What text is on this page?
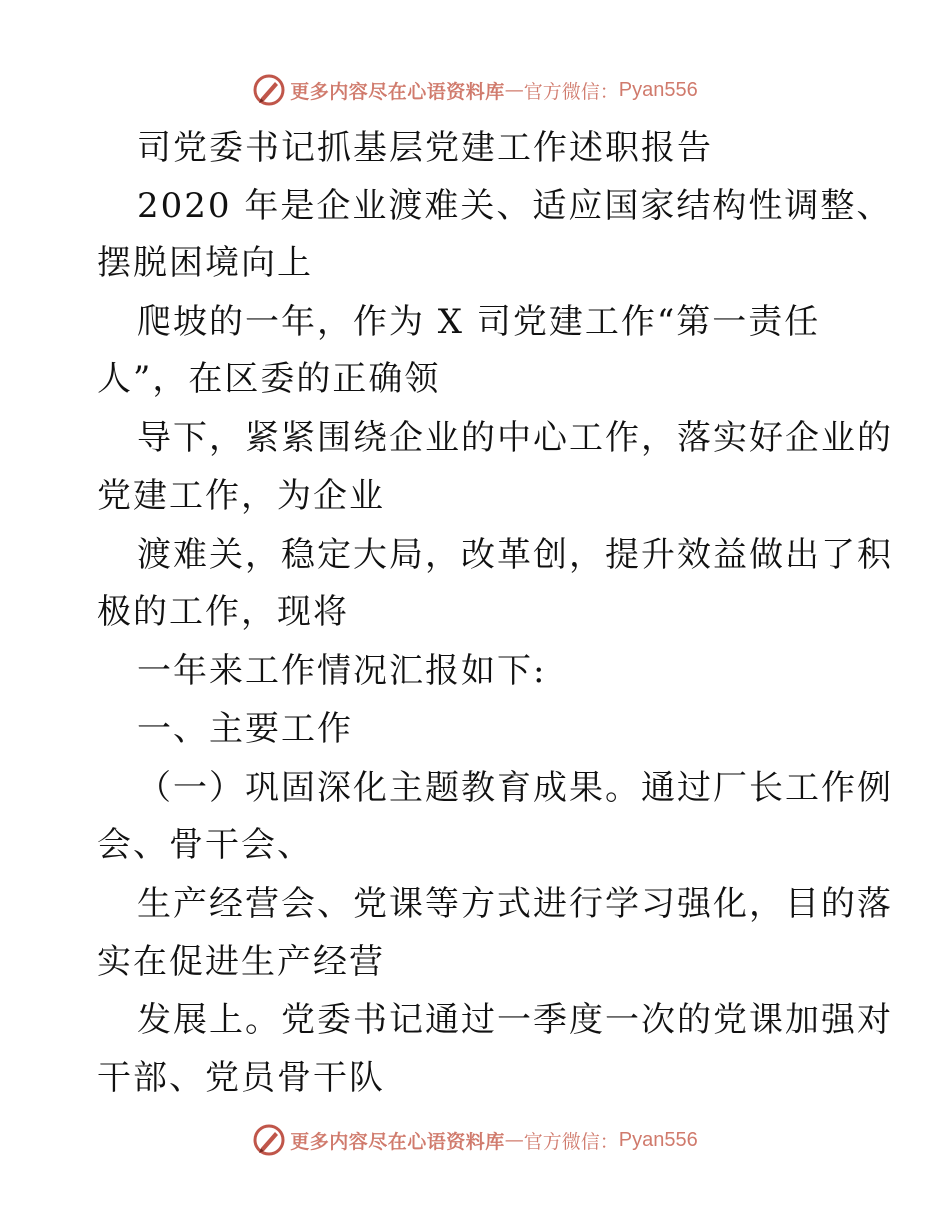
更多内容尽在心语资料库 — 官方微信： Pyan556
司党委书记抓基层党建工作述职报告
2020 年是企业渡难关、适应国家结构性调整、
摆脱困境向上
爬坡的一年，作为 X 司党建工作“第一责任
人”，在区委的正确领
导下，紧紧围绕企业的中心工作，落实好企业的
党建工作，为企业
渡难关，稳定大局，改革创，提升效益做出了积
极的工作，现将
一年来工作情况汇报如下:
一、主要工作
（一）巩固深化主题教育成果。通过厂长工作例
会、骨干会、
生产经营会、党课等方式进行学习强化，目的落
实在促进生产经营
发展上。党委书记通过一季度一次的党课加强对
干部、党员骨干队
更多内容尽在心语资料库 — 官方微信： Pyan556
